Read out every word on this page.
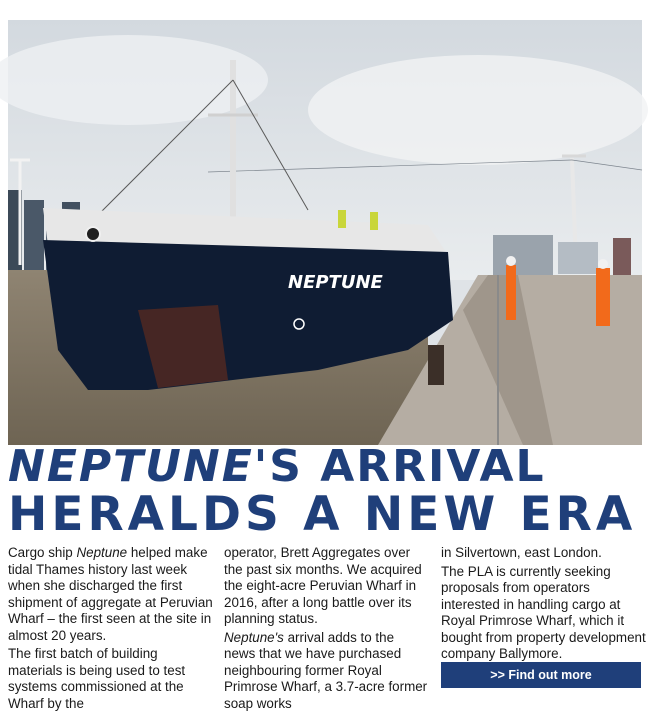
NEPTUNE
NEPTUNE'S ARRIVAL
HERALDS A NEW ERA

Cargo ship Neptune helped make tidal Thames history last week when she discharged the first shipment of aggregate at Peruvian Wharf – the first seen at the site in almost 20 years.

The first batch of building materials is being used to test systems commissioned at the Wharf by the

operator, Brett Aggregates over the past six months. We acquired the eight-acre Peruvian Wharf in 2016, after a long battle over its planning status.

Neptune's arrival adds to the news that we have purchased neighbouring former Royal Primrose Wharf, a 3.7-acre former soap works

in Silvertown, east London.

The PLA is currently seeking proposals from operators interested in handling cargo at Royal Primrose Wharf, which it bought from property development company Ballymore.

>> Find out more
